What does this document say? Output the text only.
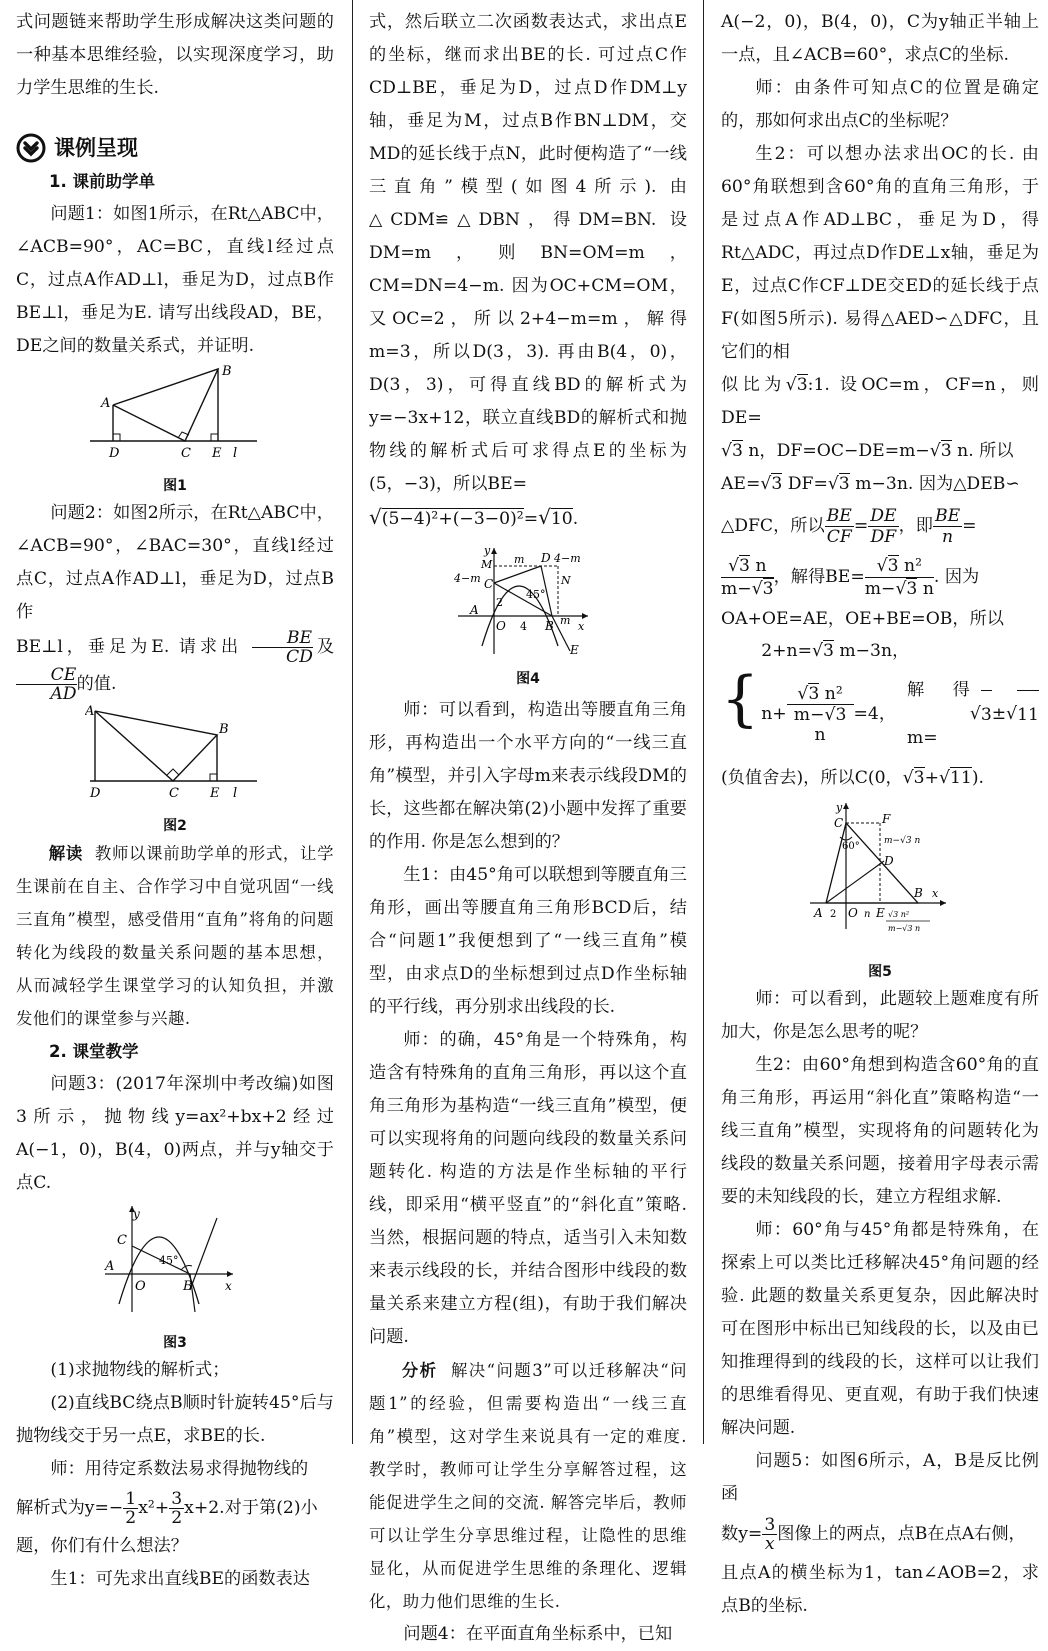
式问题链来帮助学生形成解决这类问题的一种基本思维经验，以实现深度学习，助力学生思维的生长.

课例呈现

1. 课前助学单

问题1：如图1所示，在Rt△ABC中，∠ACB=90°，AC=BC，直线l经过点C，过点A作AD⊥l，垂足为D，过点B作BE⊥l，垂足为E. 请写出线段AD，BE，DE之间的数量关系式，并证明.

A
B
D	C E l
图1

问题2：如图2所示，在Rt△ABC中，∠ACB=90°，∠BAC=30°，直线l经过点C，过点A作AD⊥l，垂足为D，过点B作
BE⊥l，垂足为E. 请求出 $\frac{BE}{CD}$ 及
$\frac{CE}{AD}$ 的值.

A
B
D	C E l
图2

解读 教师以课前助学单的形式，让学生课前在自主、合作学习中自觉巩固“一线三直角”模型，感受借用“直角”将角的问题转化为线段的数量关系问题的基本思想，从而减轻学生课堂学习的认知负担，并激发他们的课堂参与兴趣.

2. 课堂教学

问题3：(2017年深圳中考改编)如图3所示，抛物线y=ax²+bx+2经过A(−1，0)，B(4，0)两点，并与y轴交于点C.

y
C
A
O	B	x
45°
图3

(1)求抛物线的解析式；

(2)直线BC绕点B顺时针旋转45°后与抛物线交于另一点E，求BE的长.

师：用待定系数法易求得抛物线的

解析式为$y=- \frac{1}{2} x^2+ \frac{3}{2} x+2$.对于第(2)小

题，你们有什么想法？

生1：可先求出直线BE的函数表达

式，然后联立二次函数表达式，求出点E的坐标，继而求出BE的长. 可过点C作CD⊥BE，垂足为D，过点D作DM⊥y轴，垂足为M，过点B作BN⊥DM，交MD的延长线于点N，此时便构造了“一线三直角”模型(如图4所示). 由△CDM≌△DBN，得DM=BN. 设DM=m，则BN=OM=m，CM=DN=4−m. 因为OC+CM=OM，又OC=2，所以2+4−m=m，解得m=3，所以D(3，3). 再由B(4，0)，D(3，3)，可得直线BD的解析式为y=−3x+12，联立直线BD的解析式和抛物线的解析式后可求得点E的坐标为(5，−3)，所以BE=

√(5−4)²+(−3−0)²=√10.

y
M
4−m C
m D 4−m
N
45°
2
A
O 4 B x
m
E
图4

师：可以看到，构造出等腰直角三角形，再构造出一个水平方向的“一线三直角”模型，并引入字母m来表示线段DM的长，这些都在解决第(2)小题中发挥了重要的作用. 你是怎么想到的？

生1：由45°角可以联想到等腰直角三角形，画出等腰直角三角形BCD后，结合“问题1”我便想到了“一线三直角”模型，由求点D的坐标想到过点D作坐标轴的平行线，再分别求出线段的长.

师：的确，45°角是一个特殊角，构造含有特殊角的直角三角形，再以这个直角三角形为基构造“一线三直角”模型，便可以实现将角的问题向线段的数量关系问题转化. 构造的方法是作坐标轴的平行线，即采用“横平竖直”的“斜化直”策略. 当然，根据问题的特点，适当引入未知数来表示线段的长，并结合图形中线段的数量关系来建立方程(组)，有助于我们解决问题.

分析 解决“问题3”可以迁移解决“问题1”的经验，但需要构造出“一线三直角”模型，这对学生来说具有一定的难度. 教学时，教师可让学生分享解答过程，这能促进学生之间的交流. 解答完毕后，教师可以让学生分享思维过程，让隐性的思维显化，从而促进学生思维的条理化、逻辑化，助力他们思维的生长.

问题4：在平面直角坐标系中，已知

A(−2，0)，B(4，0)，C为y轴正半轴上一点，且∠ACB=60°，求点C的坐标.

师：由条件可知点C的位置是确定的，那如何求出点C的坐标呢？

生2：可以想办法求出OC的长. 由60°角联想到含60°角的直角三角形，于是过点A作AD⊥BC，垂足为D，得Rt△ADC，再过点D作DE⊥x轴，垂足为E，过点C作CF⊥DE交ED的延长线于点F(如图5所示). 易得△AED∽△DFC，且它们的相

似比为√3:1. 设OC=m，CF=n，则DE=

√3 n，DF=OC−DE=m−√3 n. 所以

AE=√3 DF=√3 m−3n. 因为△DEB∽

△DFC，所以 $\frac{BE}{CF} = \frac{DE}{DF}$ ，即 $\frac{BE}{n}$ =

$\frac{√3 n}{m-√3}$ ，解得$BE= \frac{\text{√3 n²}}{m-√3 n}$ . 因为

OA+OE=AE，OE+BE=OB，所以

{
2+n=√3 m−3n，
$n+ \frac{\text{√3 n²}}{m-√3 n} =4$，

解得m=
√ 3 ± √ 11

(负值舍去)，所以C(0，√3+√11).

y
C	F
60°	m−√3 n
D
A 2 O n E
B x
√3 n²
m−√3 n
图5

师：可以看到，此题较上题难度有所加大，你是怎么思考的呢？

生2：由60°角想到构造含60°角的直角三角形，再运用“斜化直”策略构造“一线三直角”模型，实现将角的问题转化为线段的数量关系问题，接着用字母表示需要的未知线段的长，建立方程组求解.

师：60°角与45°角都是特殊角，在探索上可以类比迁移解决45°角问题的经验. 此题的数量关系更复杂，因此解决时可在图形中标出已知线段的长，以及由已知推理得到的线段的长，这样可以让我们的思维看得见、更直观，有助于我们快速解决问题.

问题5：如图6所示，A，B是反比例函

数$y= \frac{3}{x}$ 图像上的两点，点B在点A右侧，

且点A的横坐标为1，tan∠AOB=2，求点B的坐标.
